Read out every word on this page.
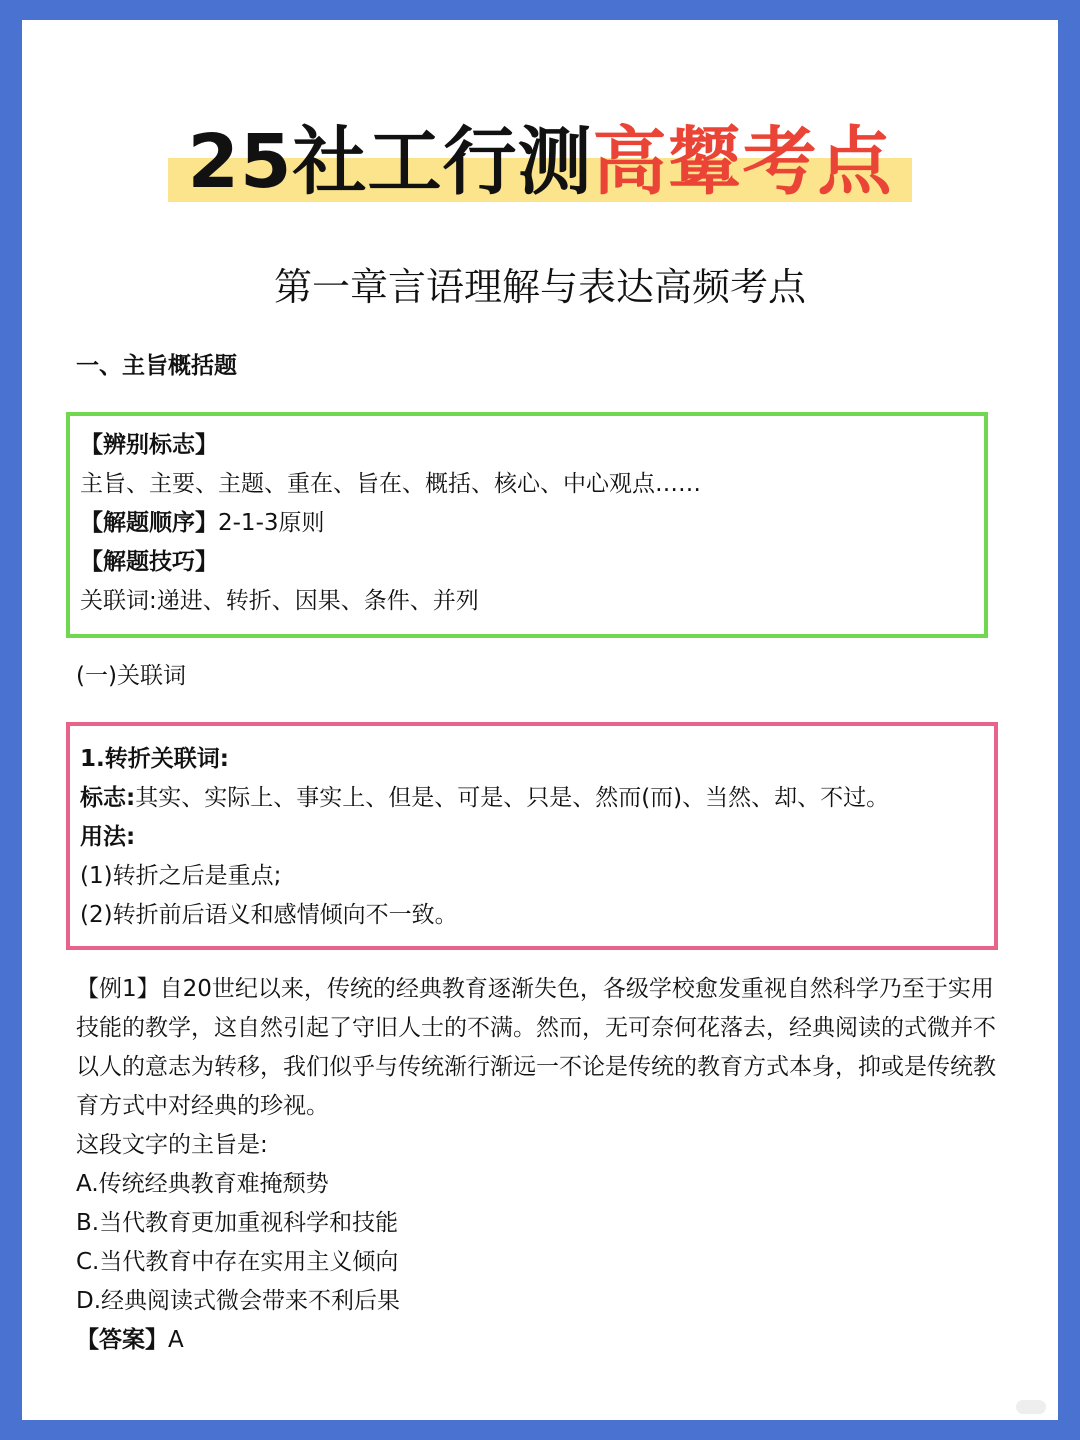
25社工行测高颦考点
第一章言语理解与表达高频考点
一、主旨概括题
【辨别标志】
主旨、主要、主题、重在、旨在、概括、核心、中心观点……
【解题顺序】2-1-3原则
【解题技巧】
关联词:递进、转折、因果、条件、并列
(一)关联词
1.转折关联词:
标志:其实、实际上、事实上、但是、可是、只是、然而(而)、当然、却、不过。
用法:
(1)转折之后是重点;
(2)转折前后语义和感情倾向不一致。
【例1】自20世纪以来，传统的经典教育逐渐失色，各级学校愈发重视自然科学乃至于实用技能的教学，这自然引起了守旧人士的不满。然而，无可奈何花落去，经典阅读的式微并不以人的意志为转移，我们似乎与传统渐行渐远一不论是传统的教育方式本身，抑或是传统教育方式中对经典的珍视。
这段文字的主旨是:
A.传统经典教育难掩颓势
B.当代教育更加重视科学和技能
C.当代教育中存在实用主义倾向
D.经典阅读式微会带来不利后果
【答案】A
